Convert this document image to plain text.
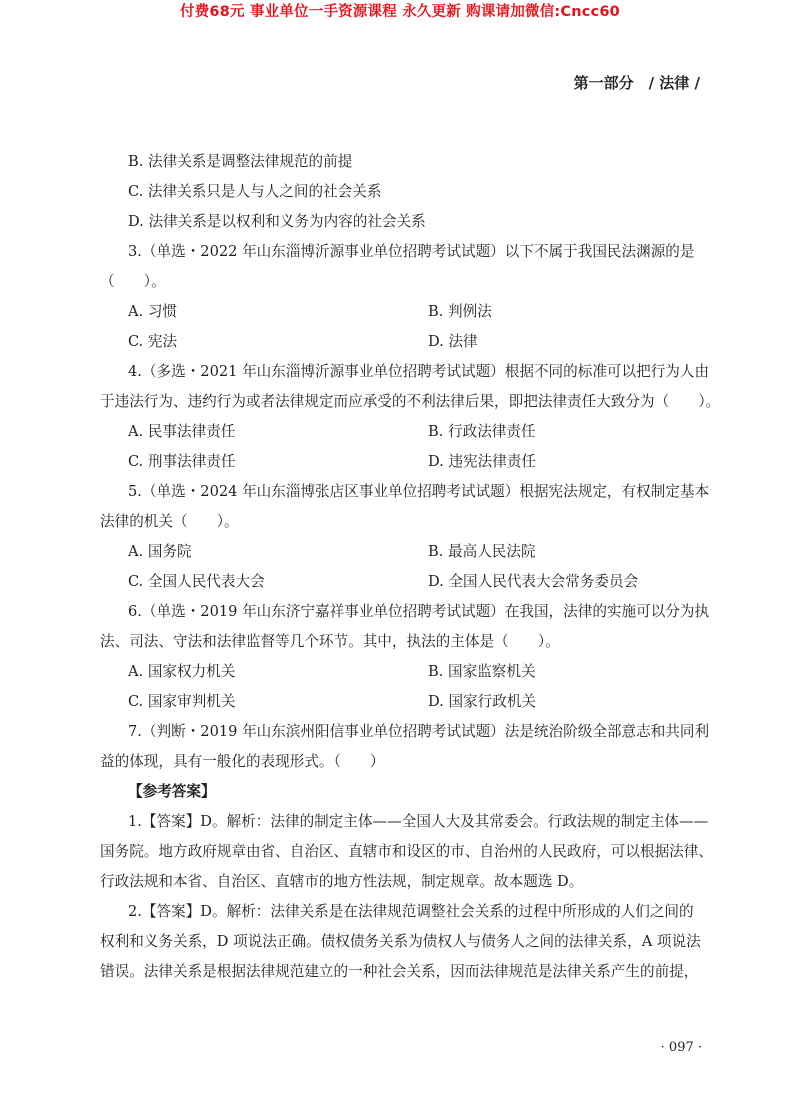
付费68元 事业单位一手资源课程 永久更新 购课请加微信:Cncc60
第一部分　/ 法律 /
B. 法律关系是调整法律规范的前提
C. 法律关系只是人与人之间的社会关系
D. 法律关系是以权利和义务为内容的社会关系
3.（单选・2022 年山东淄博沂源事业单位招聘考试试题）以下不属于我国民法渊源的是
（　　）。
A. 习惯	B. 判例法
C. 宪法	D. 法律
4.（多选・2021 年山东淄博沂源事业单位招聘考试试题）根据不同的标准可以把行为人由
于违法行为、违约行为或者法律规定而应承受的不利法律后果，即把法律责任大致分为（　　）。
A. 民事法律责任	B. 行政法律责任
C. 刑事法律责任	D. 违宪法律责任
5.（单选・2024 年山东淄博张店区事业单位招聘考试试题）根据宪法规定，有权制定基本
法律的机关（　　）。
A. 国务院	B. 最高人民法院
C. 全国人民代表大会	D. 全国人民代表大会常务委员会
6.（单选・2019 年山东济宁嘉祥事业单位招聘考试试题）在我国，法律的实施可以分为执
法、司法、守法和法律监督等几个环节。其中，执法的主体是（　　）。
A. 国家权力机关	B. 国家监察机关
C. 国家审判机关	D. 国家行政机关
7.（判断・2019 年山东滨州阳信事业单位招聘考试试题）法是统治阶级全部意志和共同利
益的体现，具有一般化的表现形式。（　　）
【参考答案】
1.【答案】D。解析：法律的制定主体——全国人大及其常委会。行政法规的制定主体——
国务院。地方政府规章由省、自治区、直辖市和设区的市、自治州的人民政府，可以根据法律、
行政法规和本省、自治区、直辖市的地方性法规，制定规章。故本题选 D。
2.【答案】D。解析：法律关系是在法律规范调整社会关系的过程中所形成的人们之间的
权利和义务关系，D 项说法正确。债权债务关系为债权人与债务人之间的法律关系，A 项说法
错误。法律关系是根据法律规范建立的一种社会关系，因而法律规范是法律关系产生的前提，
· 097 ·
